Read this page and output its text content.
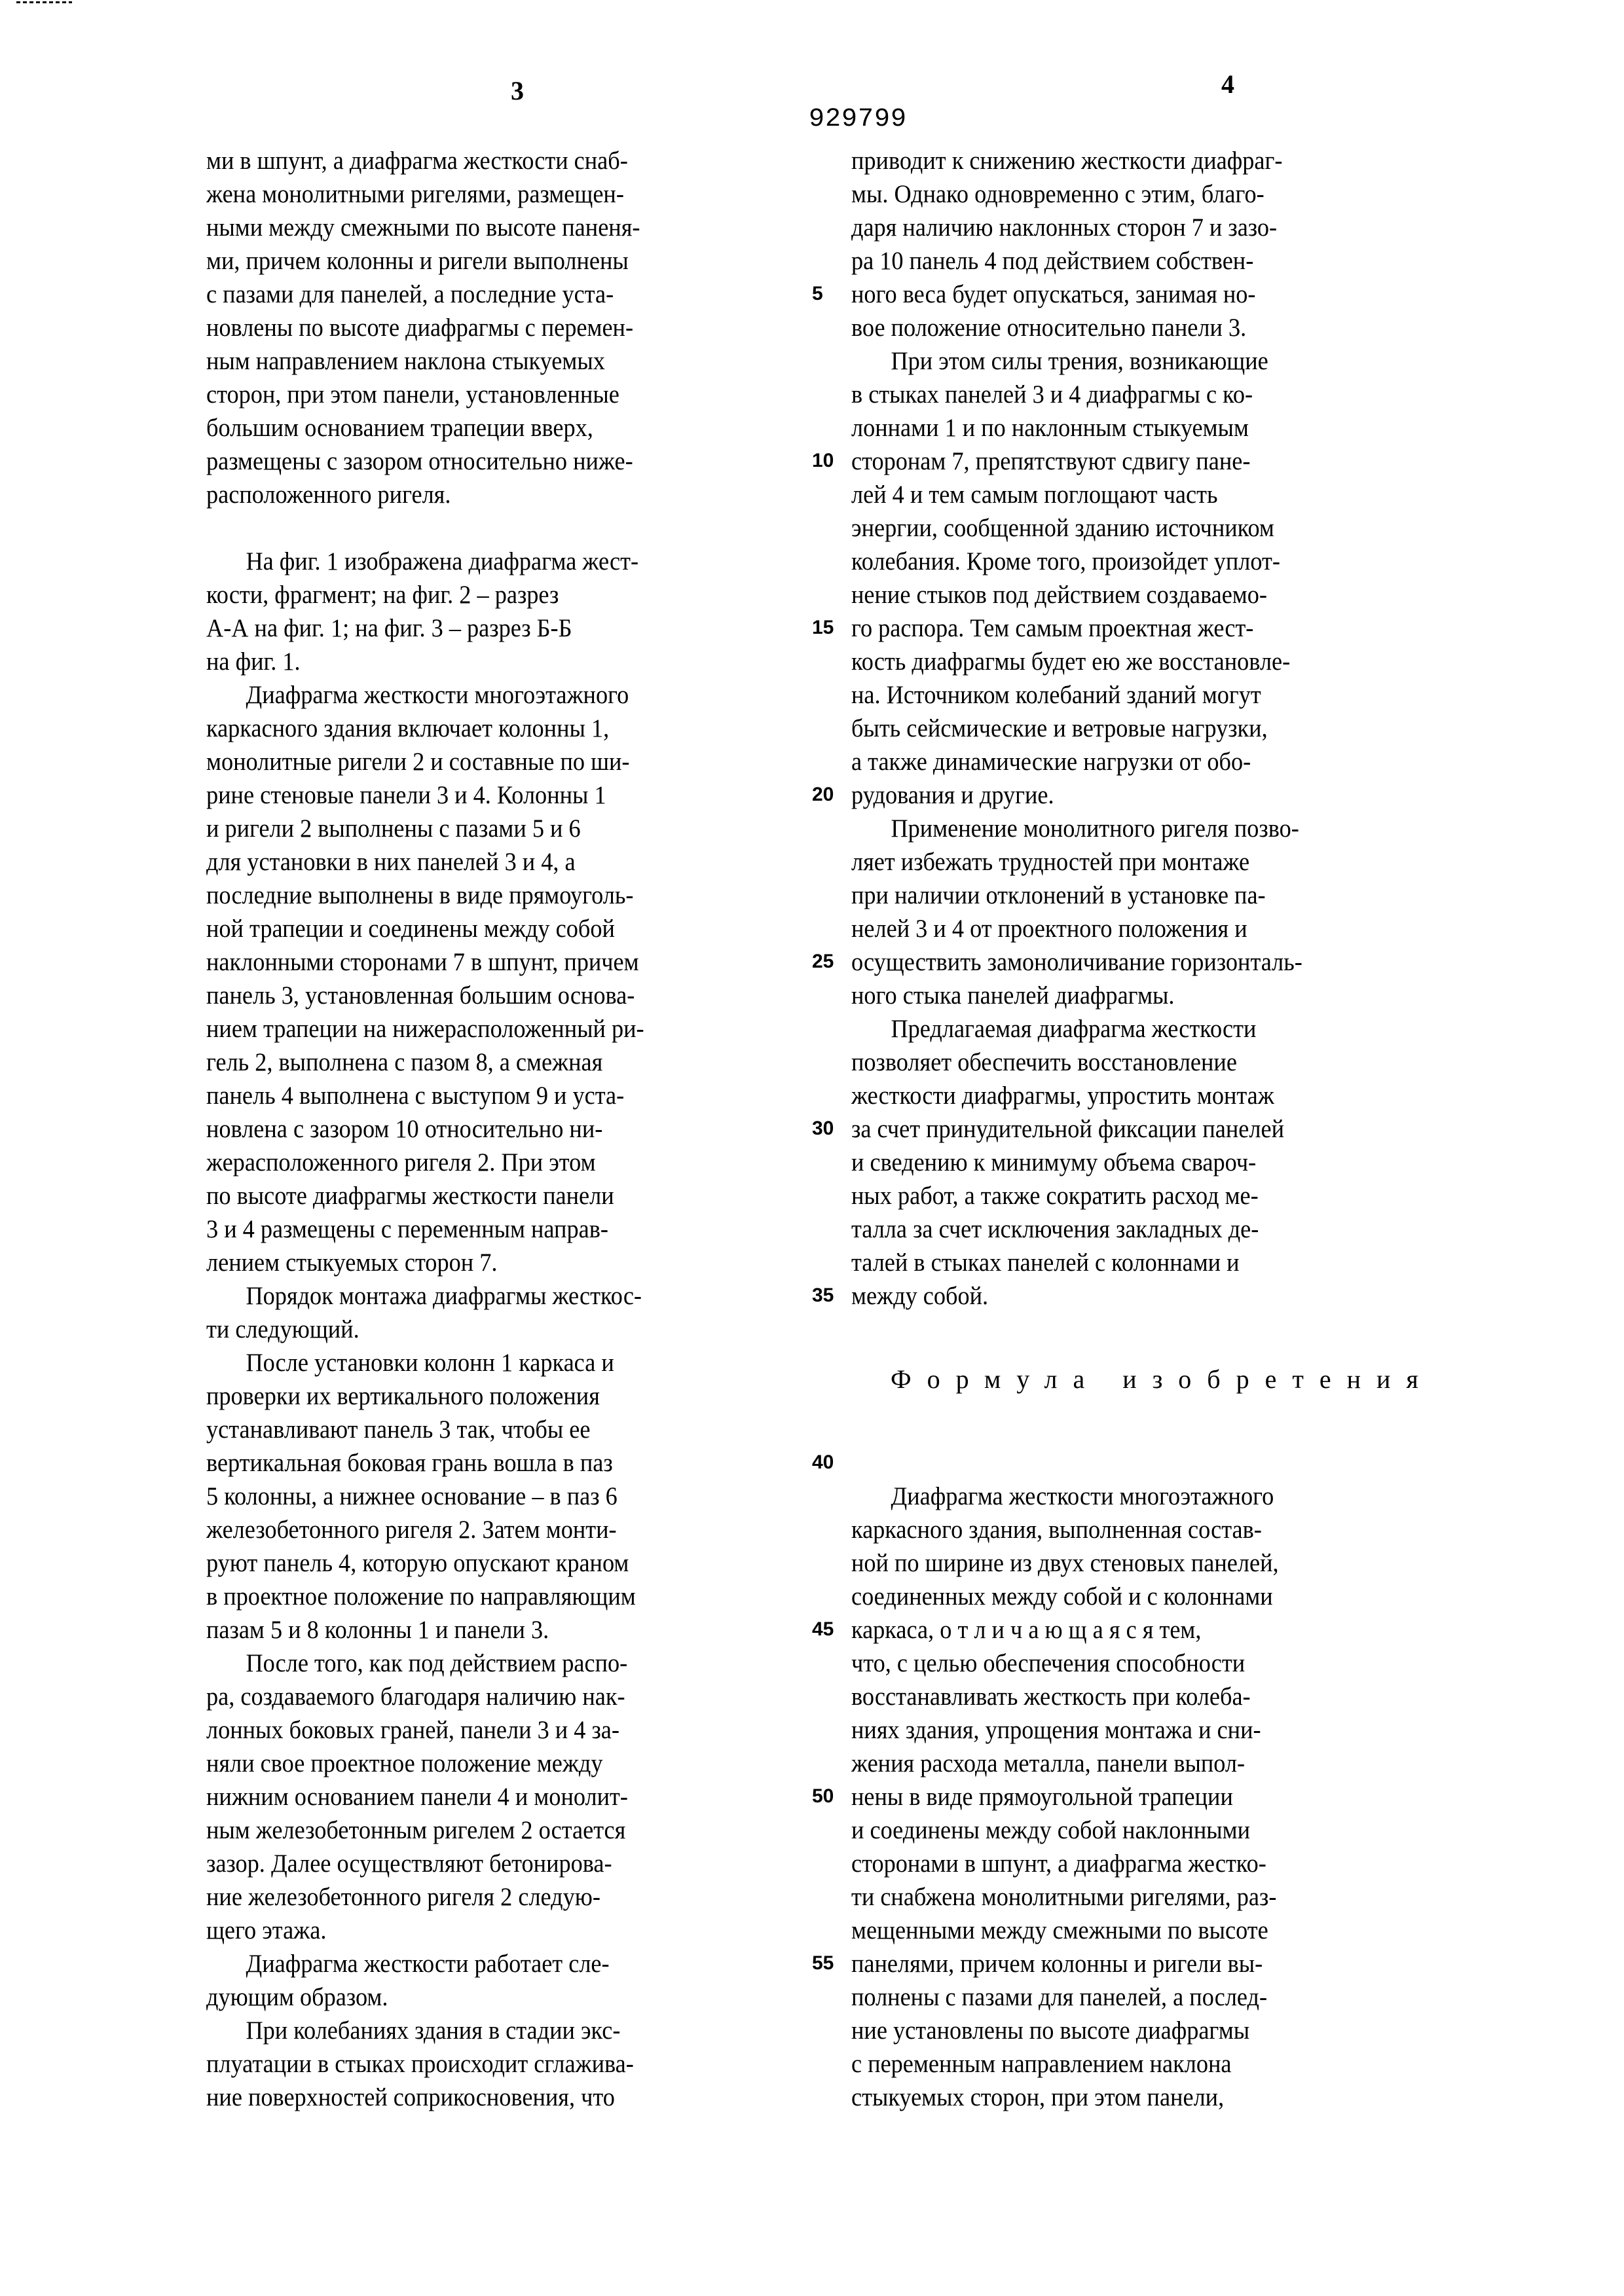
3
929799
4
ми в шпунт, а диафрагма жесткости снаб-
жена монолитными ригелями, размещен-
ными между смежными по высоте паненя-
ми, причем колонны и ригели выполнены
с пазами для панелей, а последние уста-
новлены по высоте диафрагмы с перемен-
ным направлением наклона стыкуемых
сторон, при этом панели, установленные
большим основанием трапеции вверх,
размещены с зазором относительно ниже-
расположенного ригеля.
На фиг. 1 изображена диафрагма жест-
кости, фрагмент; на фиг. 2 – разрез
А-А на фиг. 1; на фиг. 3 – разрез Б-Б
на фиг. 1.
Диафрагма жесткости многоэтажного
каркасного здания включает колонны 1,
монолитные ригели 2 и составные по ши-
рине стеновые панели 3 и 4. Колонны 1
и ригели 2 выполнены с пазами 5 и 6
для установки в них панелей 3 и 4, а
последние выполнены в виде прямоуголь-
ной трапеции и соединены между собой
наклонными сторонами 7 в шпунт, причем
панель 3, установленная большим основа-
нием трапеции на нижерасположенный ри-
гель 2, выполнена с пазом 8, а смежная
панель 4 выполнена с выступом 9 и уста-
новлена с зазором 10 относительно ни-
жерасположенного ригеля 2. При этом
по высоте диафрагмы жесткости панели
3 и 4 размещены с переменным направ-
лением стыкуемых сторон 7.
Порядок монтажа диафрагмы жесткос-
ти следующий.
После установки колонн 1 каркаса и
проверки их вертикального положения
устанавливают панель 3 так, чтобы ее
вертикальная боковая грань вошла в паз
5 колонны, а нижнее основание – в паз 6
железобетонного ригеля 2. Затем монти-
руют панель 4, которую опускают краном
в проектное положение по направляющим
пазам 5 и 8 колонны 1 и панели 3.
После того, как под действием распо-
ра, создаваемого благодаря наличию нак-
лонных боковых граней, панели 3 и 4 за-
няли свое проектное положение между
нижним основанием панели 4 и монолит-
ным железобетонным ригелем 2 остается
зазор. Далее осуществляют бетонирова-
ние железобетонного ригеля 2 следую-
щего этажа.
Диафрагма жесткости работает сле-
дующим образом.
При колебаниях здания в стадии экс-
плуатации в стыках происходит сглажива-
ние поверхностей соприкосновения, что
приводит к снижению жесткости диафраг-
мы. Однако одновременно с этим, благо-
даря наличию наклонных сторон 7 и зазо-
ра 10 панель 4 под действием собствен-
ного веса будет опускаться, занимая но-
вое положение относительно панели 3.
При этом силы трения, возникающие
в стыках панелей 3 и 4 диафрагмы с ко-
лоннами 1 и по наклонным стыкуемым
сторонам 7, препятствуют сдвигу пане-
лей 4 и тем самым поглощают часть
энергии, сообщенной зданию источником
колебания. Кроме того, произойдет уплот-
нение стыков под действием создаваемо-
го распора. Тем самым проектная жест-
кость диафрагмы будет ею же восстановле-
на. Источником колебаний зданий могут
быть сейсмические и ветровые нагрузки,
а также динамические нагрузки от обо-
рудования и другие.
Применение монолитного ригеля позво-
ляет избежать трудностей при монтаже
при наличии отклонений в установке па-
нелей 3 и 4 от проектного положения и
осуществить замоноличивание горизонталь-
ного стыка панелей диафрагмы.
Предлагаемая диафрагма жесткости
позволяет обеспечить восстановление
жесткости диафрагмы, упростить монтаж
за счет принудительной фиксации панелей
и сведению к минимуму объема свароч-
ных работ, а также сократить расход ме-
талла за счет исключения закладных де-
талей в стыках панелей с колоннами и
между собой.
Формула изобретения
Диафрагма жесткости многоэтажного
каркасного здания, выполненная состав-
ной по ширине из двух стеновых панелей,
соединенных между собой и с колоннами
каркаса, о т л и ч а ю щ а я с я тем,
что, с целью обеспечения способности
восстанавливать жесткость при колеба-
ниях здания, упрощения монтажа и сни-
жения расхода металла, панели выпол-
нены в виде прямоугольной трапеции
и соединены между собой наклонными
сторонами в шпунт, а диафрагма жестко-
ти снабжена монолитными ригелями, раз-
мещенными между смежными по высоте
панелями, причем колонны и ригели вы-
полнены с пазами для панелей, а послед-
ние установлены по высоте диафрагмы
с переменным направлением наклона
стыкуемых сторон, при этом панели,
5
10
15
20
25
30
35
40
45
50
55
